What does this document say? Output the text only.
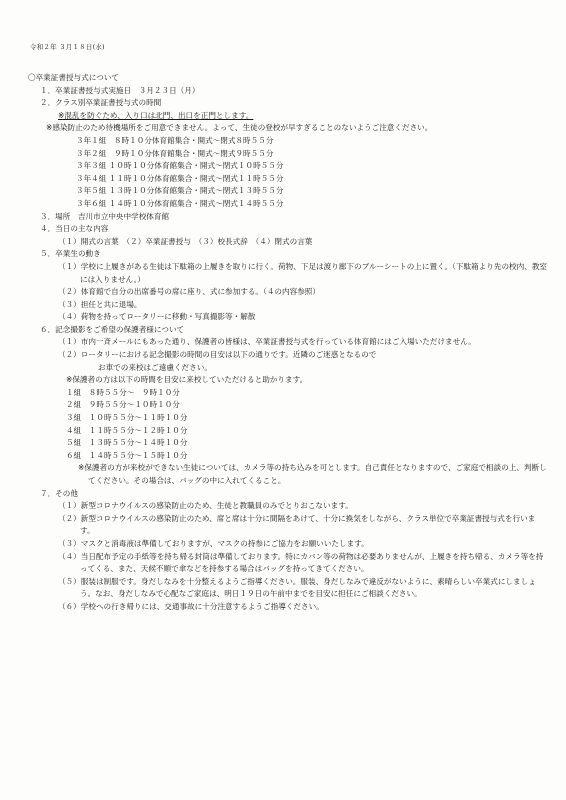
令和２年 ３月１８日(水)
〇卒業証書授与式について
１．卒業証書授与式実施日　３月２３日（月）
２．クラス別卒業証書授与式の時間
※混乱を防ぐため、入り口は北門、出口を正門とします。
※感染防止のため待機場所をご用意できません。よって、生徒の登校が早すぎることのないようご注意ください。
３年１組　８時１０分体育館集合・開式～閉式８時５５分
３年２組　９時１０分体育館集合・開式～閉式９時５５分
３年３組 １０時１０分体育館集合・開式～閉式１０時５５分
３年４組 １１時１０分体育館集合・開式～閉式１１時５５分
３年５組 １３時１０分体育館集合・開式～閉式１３時５５分
３年６組 １４時１０分体育館集合・開式～閉式１４時５５分
３．場所　吉川市立中央中学校体育館
４．当日の主な内容
（１）開式の言葉　（２）卒業証書授与　（３）校長式辞　（４）閉式の言葉
５．卒業生の動き
（１）学校に上履きがある生徒は下駄箱の上履きを取りに行く。荷物、下足は渡り廊下のブルーシートの上に置く。（下駄箱より先の校内、教室には入りません。）
（２）体育館で自分の出席番号の席に座り、式に参加する。（４の内容参照）
（３）担任と共に退場。
（４）荷物を持ってロータリーに移動・写真撮影等・解散
６．記念撮影をご希望の保護者様について
（１）市内一斉メールにもあった通り、保護者の皆様は、卒業証書授与式を行っている体育館にはご入場いただけません。
（２）ロータリーにおける記念撮影の時間の目安は以下の通りです。近隣のご迷惑となるので
お車での来校はご遠慮ください。
※保護者の方は以下の時間を目安に来校していただけると助かります。
１組　８時５５分～　９時１０分
２組　９時５５分～１０時１０分
３組　１０時５５分～１１時１０分
４組　１１時５５分～１２時１０分
５組　１３時５５分～１４時１０分
６組　１４時５５分～１５時１０分
※保護者の方が来校ができない生徒については、カメラ等の持ち込みを可とします。自己責任となりますので、ご家庭で相談の上、判断してください。その場合は、バッグの中に入れてくること。
７．その他
（１）新型コロナウイルスの感染防止のため、生徒と教職員のみでとりおこないます。
（２）新型コロナウイルスの感染防止のため、席と席は十分に間隔をあけて、十分に換気をしながら、クラス単位で卒業証書授与式を行います。
（３）マスクと消毒液は準備しておりますが、マスクの持参にご協力をお願いいたします。
（４）当日配布予定の手紙等を持ち帰る封筒は準備しております。特にカバン等の荷物は必要ありませんが、上履きを持ち帰る、カメラ等を持ってくる、また、天候不順で傘などを持参する場合はバッグを持ってきてください。
（５）服装は制服です。身だしなみを十分整えるようご指導ください。服装、身だしなみで違反がないように、素晴らしい卒業式にしましょう。なお、身だしなみで心配なご家庭は、明日１９日の午前中までを目安に担任にご相談ください。
（６）学校への行き帰りには、交通事故に十分注意するようご指導ください。
